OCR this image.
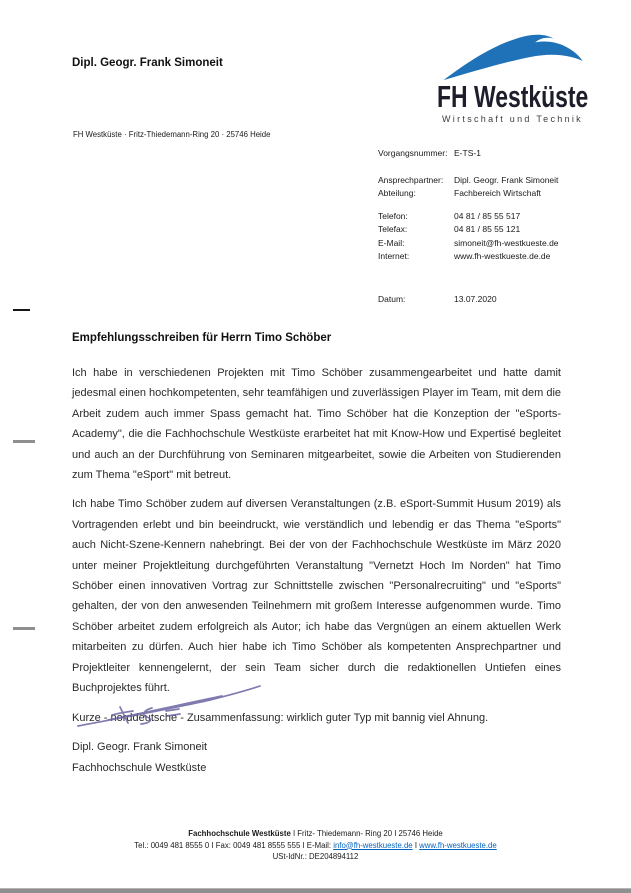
Dipl. Geogr. Frank Simoneit
FH Westküste
Wirtschaft und Technik
FH Westküste · Fritz-Thiedemann-Ring 20 · 25746 Heide
Vorgangsnummer: E-TS-1
Ansprechpartner: Dipl. Geogr. Frank Simoneit
Abteilung:	Fachbereich Wirtschaft
Telefon:	04 81 / 85 55 517
Telefax:	04 81 / 85 55 121
E-Mail:	simoneit@fh-westkueste.de
Internet:	www.fh-westkueste.de.de
Datum:	13.07.2020
Empfehlungsschreiben für Herrn Timo Schöber

Ich habe in verschiedenen Projekten mit Timo Schöber zusammengearbeitet und hatte damit jedesmal einen hochkompetenten, sehr teamfähigen und zuverlässigen Player im Team, mit dem die Arbeit zudem auch immer Spass gemacht hat. Timo Schöber hat die Konzeption der "eSports-Academy", die die Fachhochschule Westküste erarbeitet hat mit Know-How und Expertisé begleitet und auch an der Durchführung von Seminaren mitgearbeitet, sowie die Arbeiten von Studierenden zum Thema "eSport" mit betreut.

Ich habe Timo Schöber zudem auf diversen Veranstaltungen (z.B. eSport-Summit Husum 2019) als Vortragenden erlebt und bin beeindruckt, wie verständlich und lebendig er das Thema "eSports" auch Nicht-Szene-Kennern nahebringt. Bei der von der Fachhochschule Westküste im März 2020 unter meiner Projektleitung durchgeführten Veranstaltung "Vernetzt Hoch Im Norden" hat Timo Schöber einen innovativen Vortrag zur Schnittstelle zwischen "Personalrecruiting" und "eSports" gehalten, der von den anwesenden Teilnehmern mit großem Interesse aufgenommen wurde. Timo Schöber arbeitet zudem erfolgreich als Autor; ich habe das Vergnügen an einem aktuellen Werk mitarbeiten zu dürfen. Auch hier habe ich Timo Schöber als kompetenten Ansprechpartner und Projektleiter kennengelernt, der sein Team sicher durch die redaktionellen Untiefen eines Buchprojektes führt.

Kurze - norddeutsche - Zusammenfassung: wirklich guter Typ mit bannig viel Ahnung.

Dipl. Geogr. Frank Simoneit
Fachhochschule Westküste
Fachhochschule Westküste I Fritz- Thiedemann- Ring 20 I 25746 Heide
Tel.: 0049 481 8555 0 I Fax: 0049 481 8555 555 I E-Mail: info@fh-westkueste.de I www.fh-westkueste.de
USt-IdNr.: DE204894112
